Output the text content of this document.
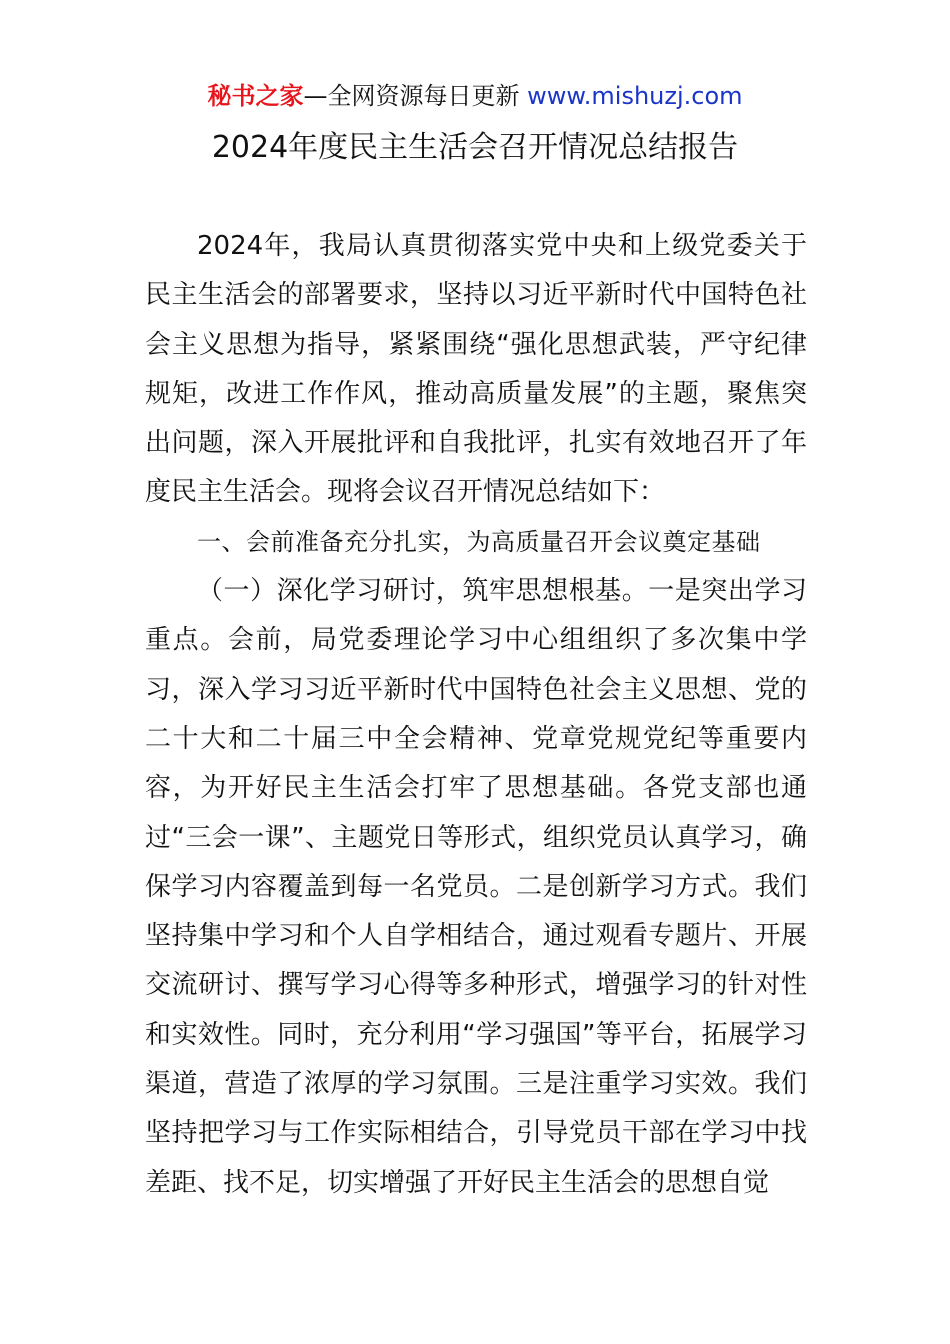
秘书之家—全网资源每日更新 www.mishuzj.com
2024年度民主生活会召开情况总结报告

2024年，我局认真贯彻落实党中央和上级党委关于民主生活会的部署要求，坚持以习近平新时代中国特色社会主义思想为指导，紧紧围绕“强化思想武装，严守纪律规矩，改进工作作风，推动高质量发展”的主题，聚焦突出问题，深入开展批评和自我批评，扎实有效地召开了年度民主生活会。现将会议召开情况总结如下：

一、会前准备充分扎实，为高质量召开会议奠定基础

（一）深化学习研讨，筑牢思想根基。一是突出学习重点。会前，局党委理论学习中心组组织了多次集中学习，深入学习习近平新时代中国特色社会主义思想、党的二十大和二十届三中全会精神、党章党规党纪等重要内容，为开好民主生活会打牢了思想基础。各党支部也通过“三会一课”、主题党日等形式，组织党员认真学习，确保学习内容覆盖到每一名党员。二是创新学习方式。我们坚持集中学习和个人自学相结合，通过观看专题片、开展交流研讨、撰写学习心得等多种形式，增强学习的针对性和实效性。同时，充分利用“学习强国”等平台，拓展学习渠道，营造了浓厚的学习氛围。三是注重学习实效。我们坚持把学习与工作实际相结合，引导党员干部在学习中找差距、找不足，切实增强了开好民主生活会的思想自觉
